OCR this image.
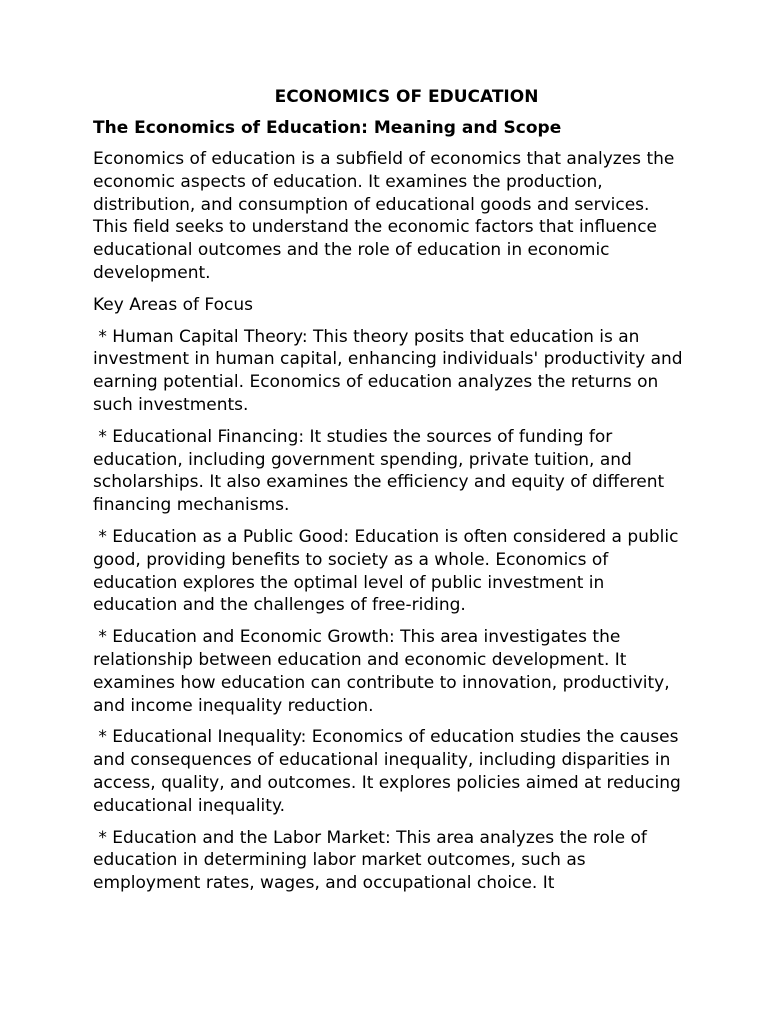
ECONOMICS OF EDUCATION
The Economics of Education: Meaning and Scope

Economics of education is a subfield of economics that analyzes the economic aspects of education. It examines the production, distribution, and consumption of educational goods and services. This field seeks to understand the economic factors that influence educational outcomes and the role of education in economic development.

Key Areas of Focus

* Human Capital Theory: This theory posits that education is an investment in human capital, enhancing individuals' productivity and earning potential. Economics of education analyzes the returns on such investments.

* Educational Financing: It studies the sources of funding for education, including government spending, private tuition, and scholarships. It also examines the efficiency and equity of different financing mechanisms.

* Education as a Public Good: Education is often considered a public good, providing benefits to society as a whole. Economics of education explores the optimal level of public investment in education and the challenges of free-riding.

* Education and Economic Growth: This area investigates the relationship between education and economic development. It examines how education can contribute to innovation, productivity, and income inequality reduction.

* Educational Inequality: Economics of education studies the causes and consequences of educational inequality, including disparities in access, quality, and outcomes. It explores policies aimed at reducing educational inequality.

* Education and the Labor Market: This area analyzes the role of education in determining labor market outcomes, such as employment rates, wages, and occupational choice. It
